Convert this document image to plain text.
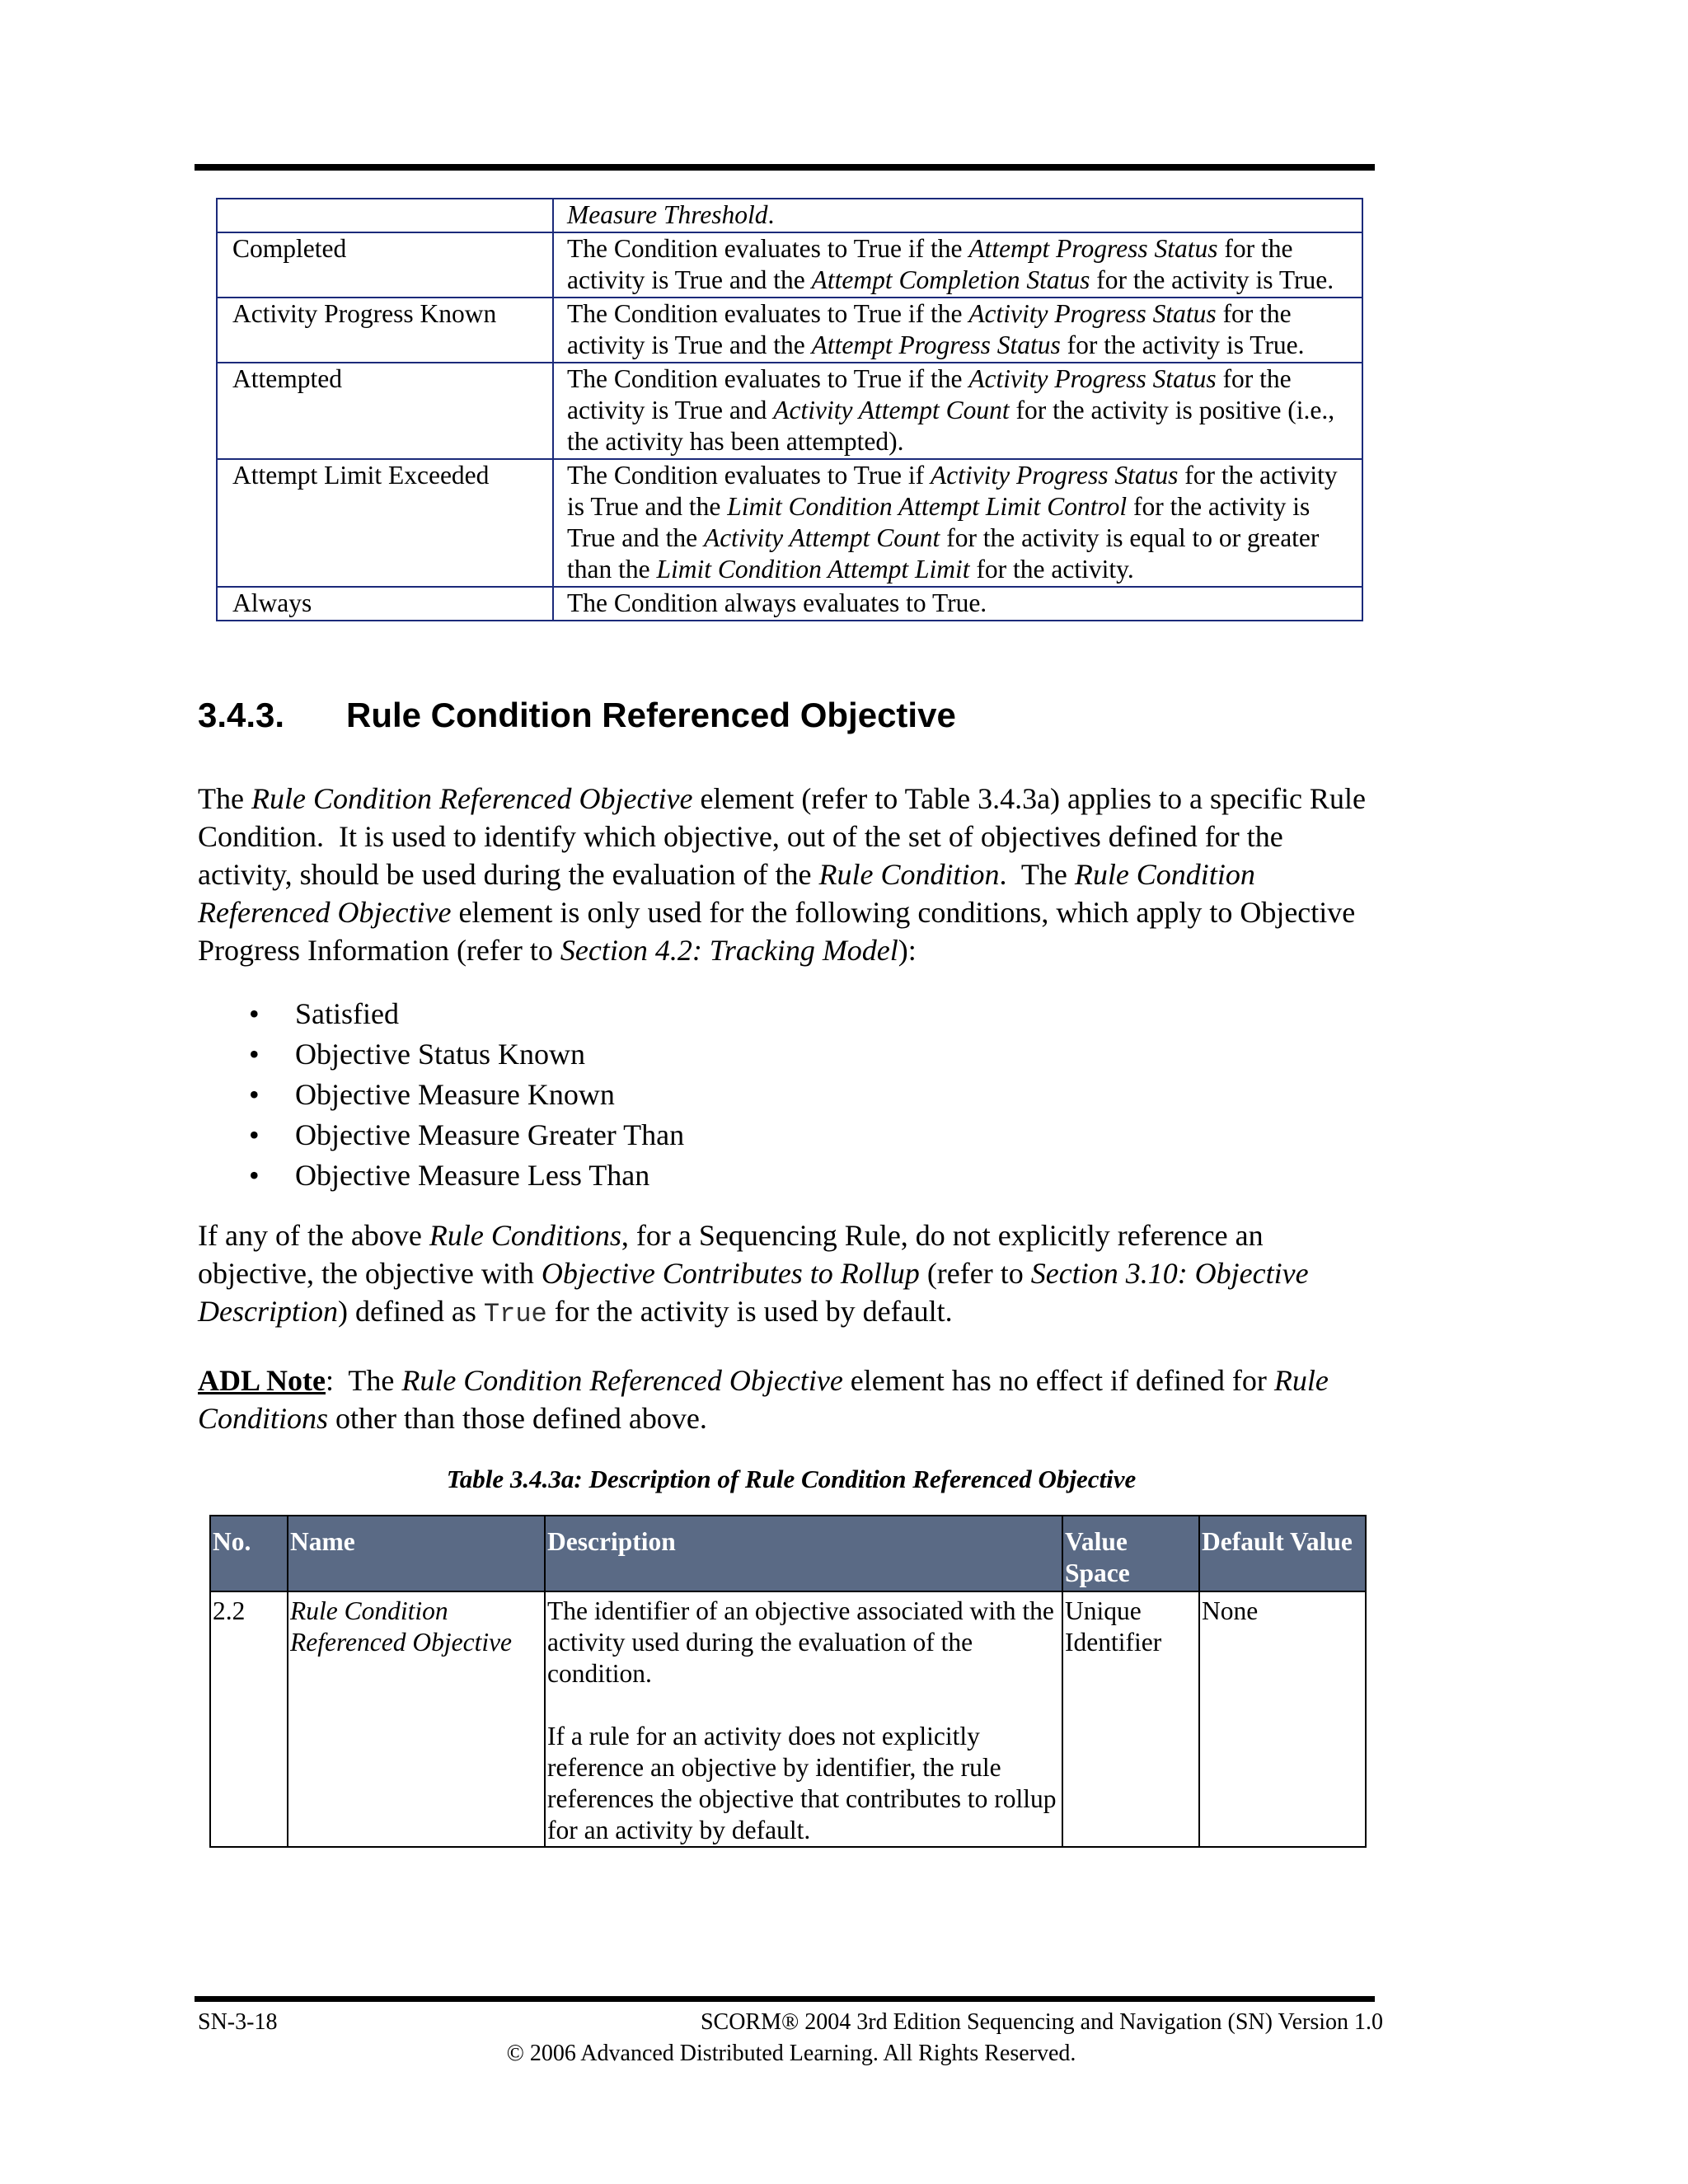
	Measure Threshold.
Completed	The Condition evaluates to True if the Attempt Progress Status for the activity is True and the Attempt Completion Status for the activity is True.
Activity Progress Known	The Condition evaluates to True if the Activity Progress Status for the activity is True and the Attempt Progress Status for the activity is True.
Attempted	The Condition evaluates to True if the Activity Progress Status for the activity is True and Activity Attempt Count for the activity is positive (i.e., the activity has been attempted).
Attempt Limit Exceeded	The Condition evaluates to True if Activity Progress Status for the activity is True and the Limit Condition Attempt Limit Control for the activity is True and the Activity Attempt Count for the activity is equal to or greater than the Limit Condition Attempt Limit for the activity.
Always	The Condition always evaluates to True.
3.4.3. Rule Condition Referenced Objective

The Rule Condition Referenced Objective element (refer to Table 3.4.3a) applies to a specific Rule Condition.  It is used to identify which objective, out of the set of objectives defined for the activity, should be used during the evaluation of the Rule Condition.  The Rule Condition Referenced Objective element is only used for the following conditions, which apply to Objective Progress Information (refer to Section 4.2: Tracking Model):

• Satisfied
• Objective Status Known
• Objective Measure Known
• Objective Measure Greater Than
• Objective Measure Less Than

If any of the above Rule Conditions, for a Sequencing Rule, do not explicitly reference an objective, the objective with Objective Contributes to Rollup (refer to Section 3.10: Objective Description) defined as True for the activity is used by default.

ADL Note:  The Rule Condition Referenced Objective element has no effect if defined for Rule Conditions other than those defined above.

Table 3.4.3a: Description of Rule Condition Referenced Objective
No.	Name	Description	Value Space	Default Value
2.2	Rule Condition Referenced Objective	The identifier of an objective associated with the activity used during the evaluation of the condition.
If a rule for an activity does not explicitly reference an objective by identifier, the rule references the objective that contributes to rollup for an activity by default.	Unique Identifier	None
SN-3-18	SCORM® 2004 3rd Edition Sequencing and Navigation (SN) Version 1.0
© 2006 Advanced Distributed Learning. All Rights Reserved.
